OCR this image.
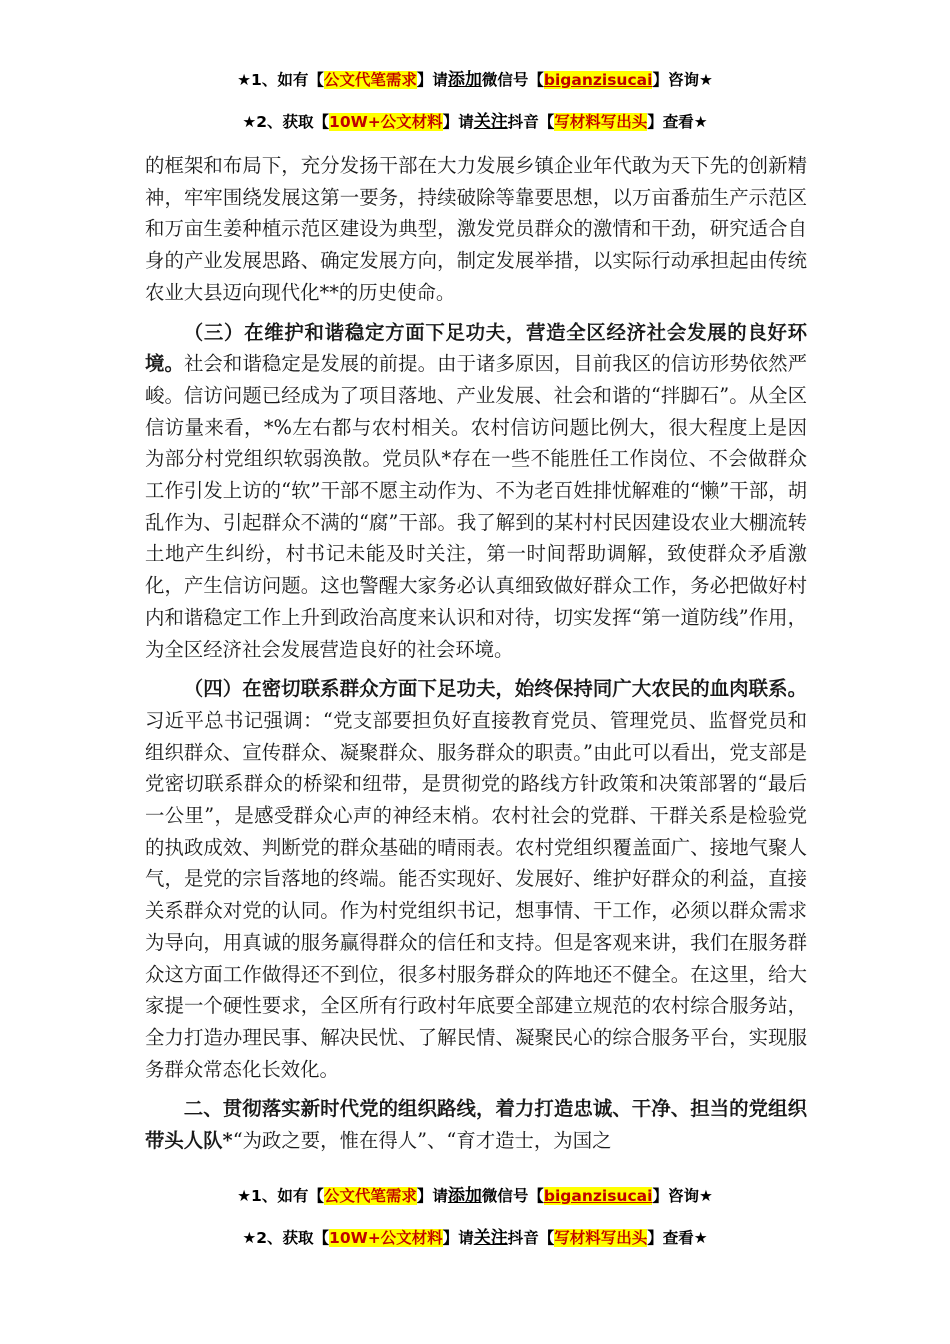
★1、如有【公文代笔需求】请添加微信号【biganzisucai】咨询★
★2、获取【10W+公文材料】请关注抖音【写材料写出头】查看★

的框架和布局下，充分发扬干部在大力发展乡镇企业年代敢为天下先的创新精神，牢牢围绕发展这第一要务，持续破除等靠要思想，以万亩番茄生产示范区和万亩生姜种植示范区建设为典型，激发党员群众的激情和干劲，研究适合自身的产业发展思路、确定发展方向，制定发展举措，以实际行动承担起由传统农业大县迈向现代化**的历史使命。

（三）在维护和谐稳定方面下足功夫，营造全区经济社会发展的良好环境。社会和谐稳定是发展的前提。由于诸多原因，目前我区的信访形势依然严峻。信访问题已经成为了项目落地、产业发展、社会和谐的“拌脚石”。从全区信访量来看，*%左右都与农村相关。农村信访问题比例大，很大程度上是因为部分村党组织软弱涣散。党员队*存在一些不能胜任工作岗位、不会做群众工作引发上访的“软”干部不愿主动作为、不为老百姓排忧解难的“懒”干部，胡乱作为、引起群众不满的“腐”干部。我了解到的某村村民因建设农业大棚流转土地产生纠纷，村书记未能及时关注，第一时间帮助调解，致使群众矛盾激化，产生信访问题。这也警醒大家务必认真细致做好群众工作，务必把做好村内和谐稳定工作上升到政治高度来认识和对待，切实发挥“第一道防线”作用，为全区经济社会发展营造良好的社会环境。

（四）在密切联系群众方面下足功夫，始终保持同广大农民的血肉联系。习近平总书记强调：“党支部要担负好直接教育党员、管理党员、监督党员和组织群众、宣传群众、凝聚群众、服务群众的职责。”由此可以看出，党支部是党密切联系群众的桥梁和纽带，是贯彻党的路线方针政策和决策部署的“最后一公里”，是感受群众心声的神经末梢。农村社会的党群、干群关系是检验党的执政成效、判断党的群众基础的晴雨表。农村党组织覆盖面广、接地气聚人气，是党的宗旨落地的终端。能否实现好、发展好、维护好群众的利益，直接关系群众对党的认同。作为村党组织书记，想事情、干工作，必须以群众需求为导向，用真诚的服务赢得群众的信任和支持。但是客观来讲，我们在服务群众这方面工作做得还不到位，很多村服务群众的阵地还不健全。在这里，给大家提一个硬性要求，全区所有行政村年底要全部建立规范的农村综合服务站，全力打造办理民事、解决民忧、了解民情、凝聚民心的综合服务平台，实现服务群众常态化长效化。

二、贯彻落实新时代党的组织路线，着力打造忠诚、干净、担当的党组织带头人队*“为政之要，惟在得人”、“育才造士，为国之

★1、如有【公文代笔需求】请添加微信号【biganzisucai】咨询★
★2、获取【10W+公文材料】请关注抖音【写材料写出头】查看★
